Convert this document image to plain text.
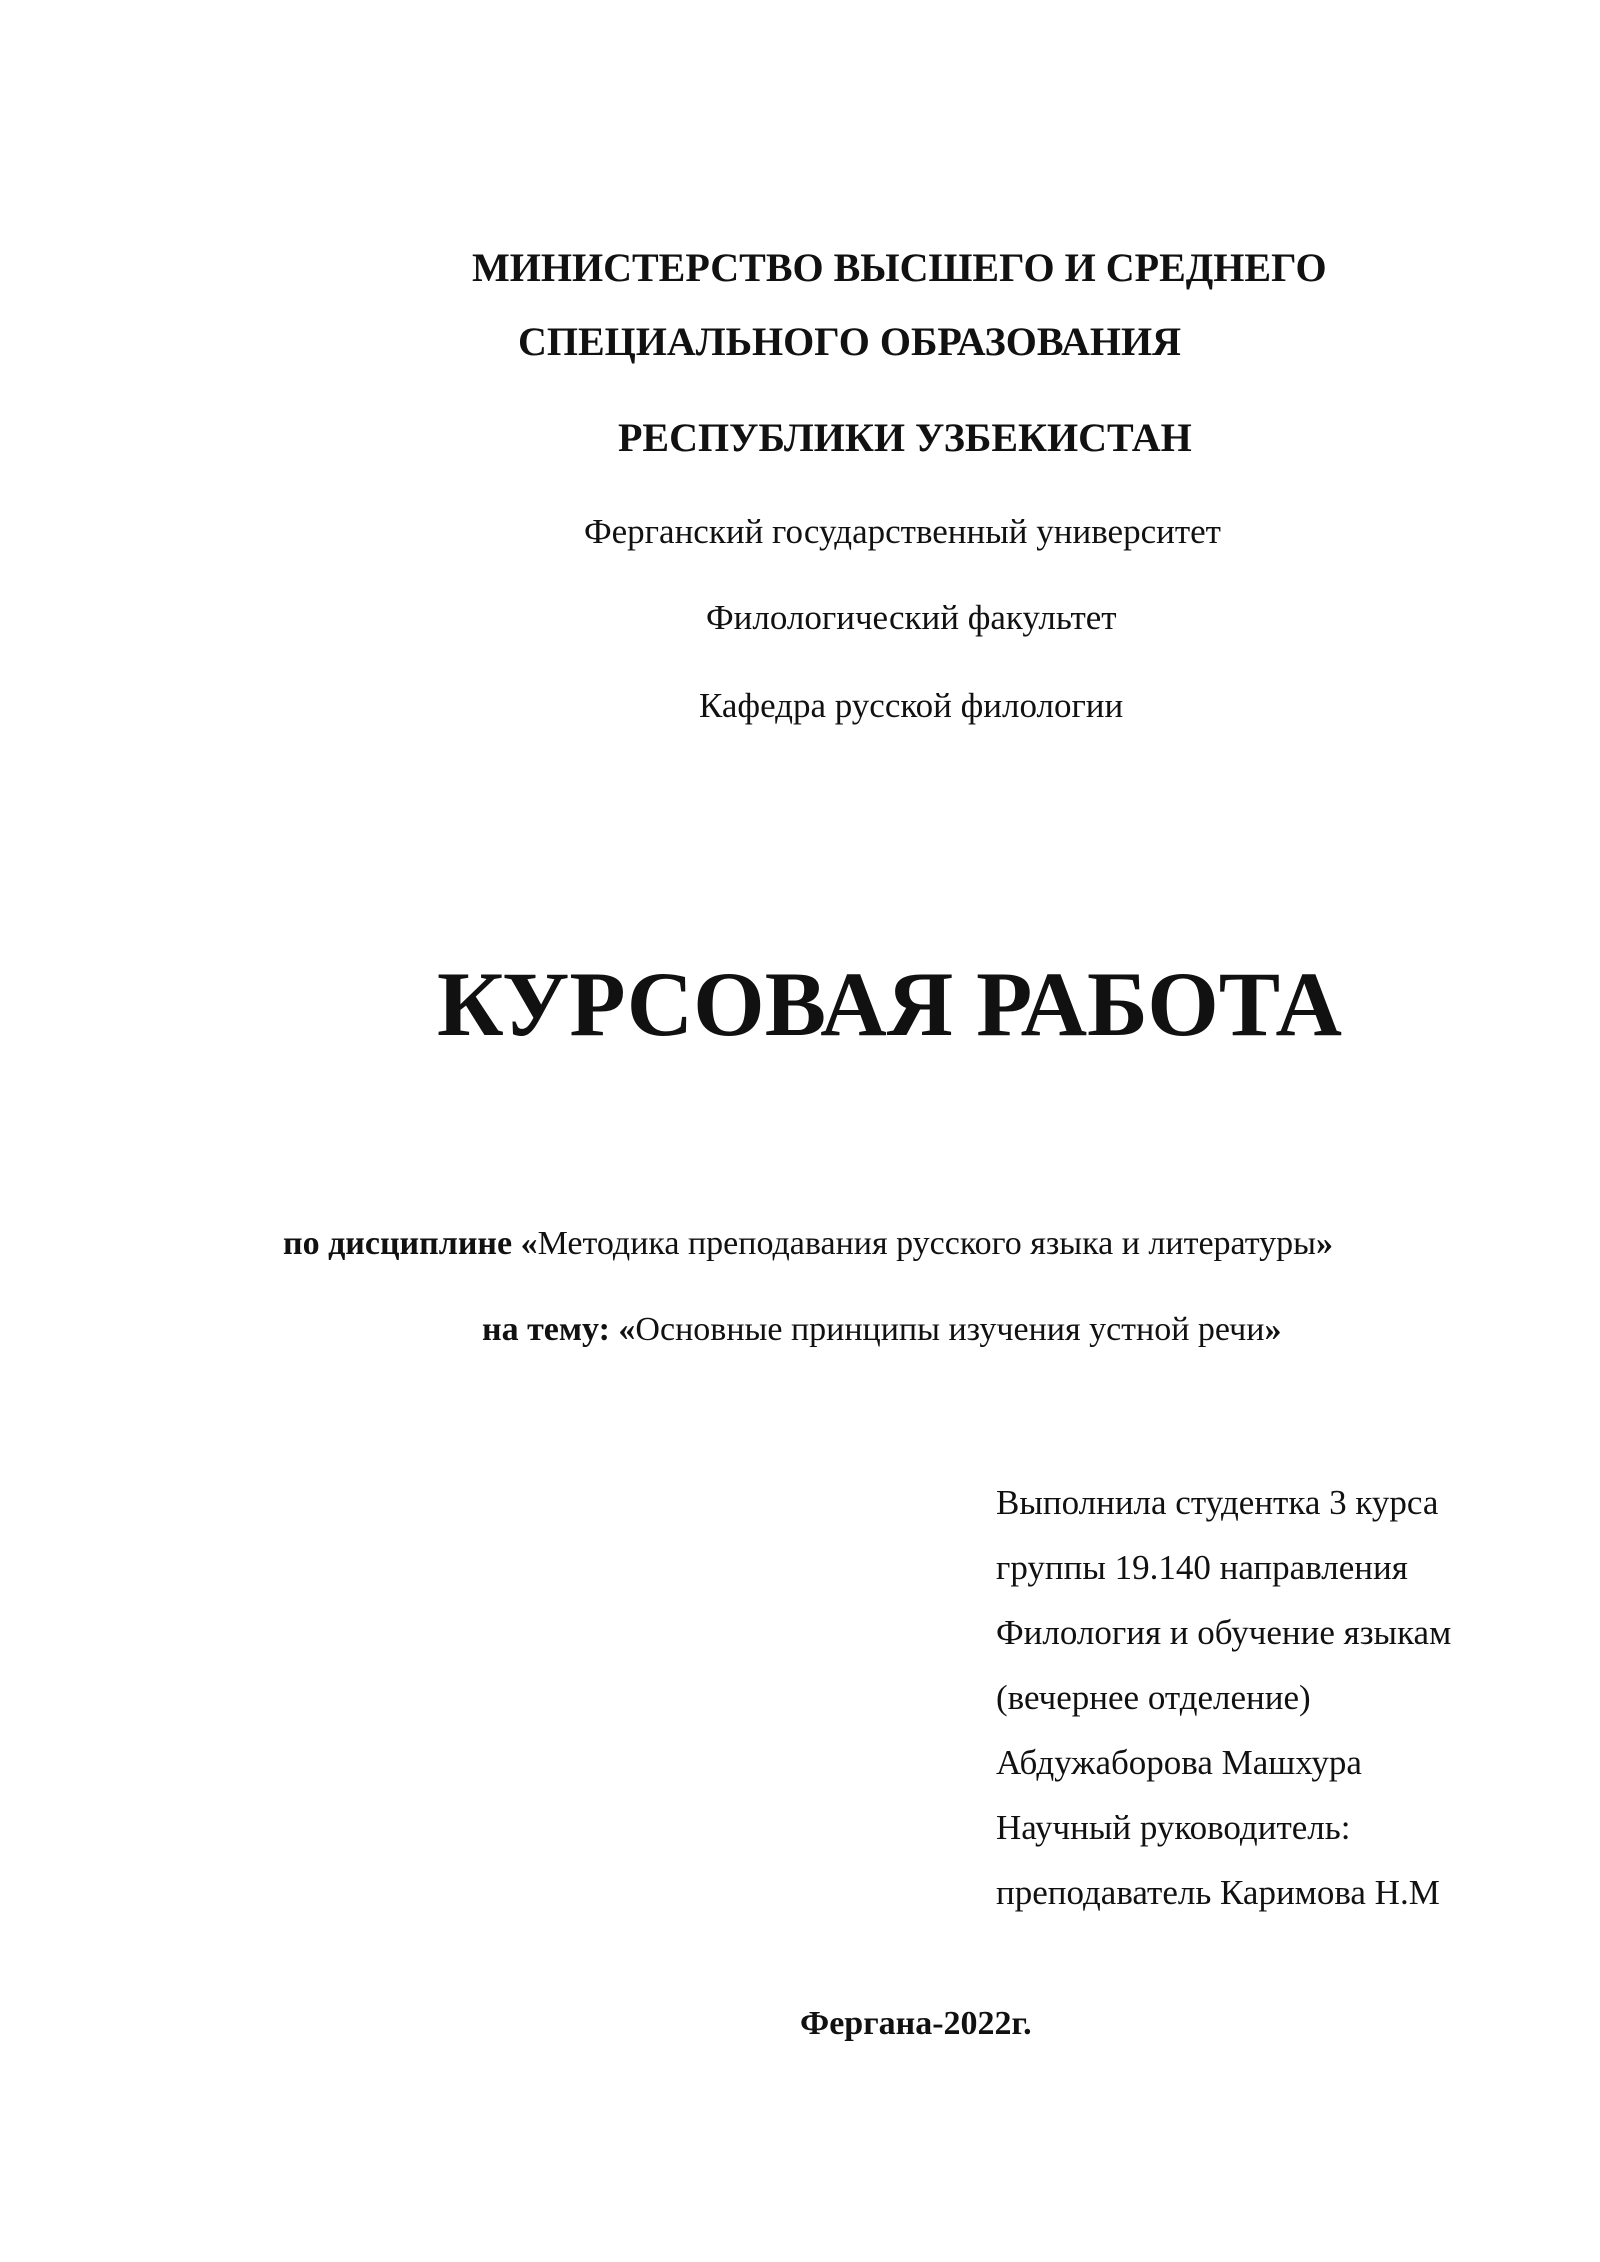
МИНИСТЕРСТВО ВЫСШЕГО И СРЕДНЕГО
СПЕЦИАЛЬНОГО ОБРАЗОВАНИЯ
РЕСПУБЛИКИ УЗБЕКИСТАН
Ферганский государственный университет
Филологический факультет
Кафедра русской филологии
КУРСОВАЯ РАБОТА
по дисциплине «Методика преподавания русского языка и литературы»
на тему: «Основные принципы изучения устной речи»
Выполнила студентка 3 курса
группы 19.140 направления
Филология и обучение языкам
(вечернее отделение)
Абдужаборова Машхура
Научный руководитель:
преподаватель Каримова Н.М
Фергана-2022г.
